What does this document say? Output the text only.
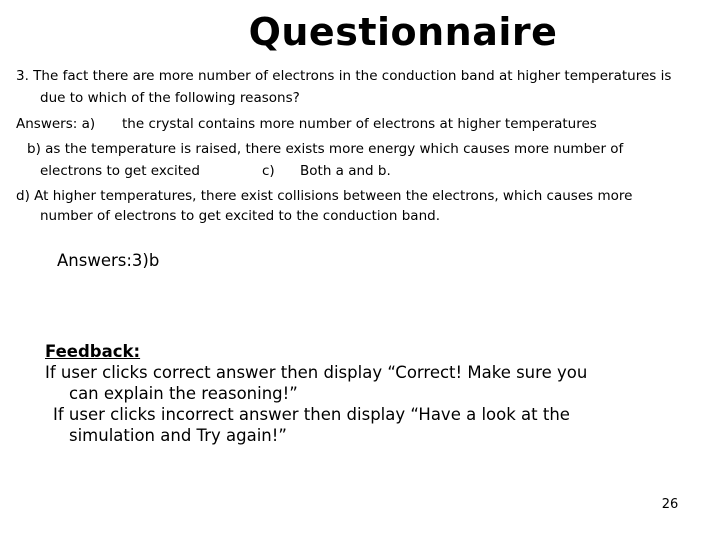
Questionnaire
3. The fact there are more number of electrons in the conduction band at higher temperatures is
due to which of the following reasons?
Answers: a) the crystal contains more number of electrons at higher temperatures
b) as the temperature is raised, there exists more energy which causes more number of
electrons to get excited	c) Both a and b.
d) At higher temperatures, there exist collisions between the electrons, which causes more
number of electrons to get excited to the conduction band.
Answers:3)b
Feedback:
If user clicks correct answer then display “Correct! Make sure you
can explain the reasoning!”
If user clicks incorrect answer then display “Have a look at the
simulation and Try again!”
26
